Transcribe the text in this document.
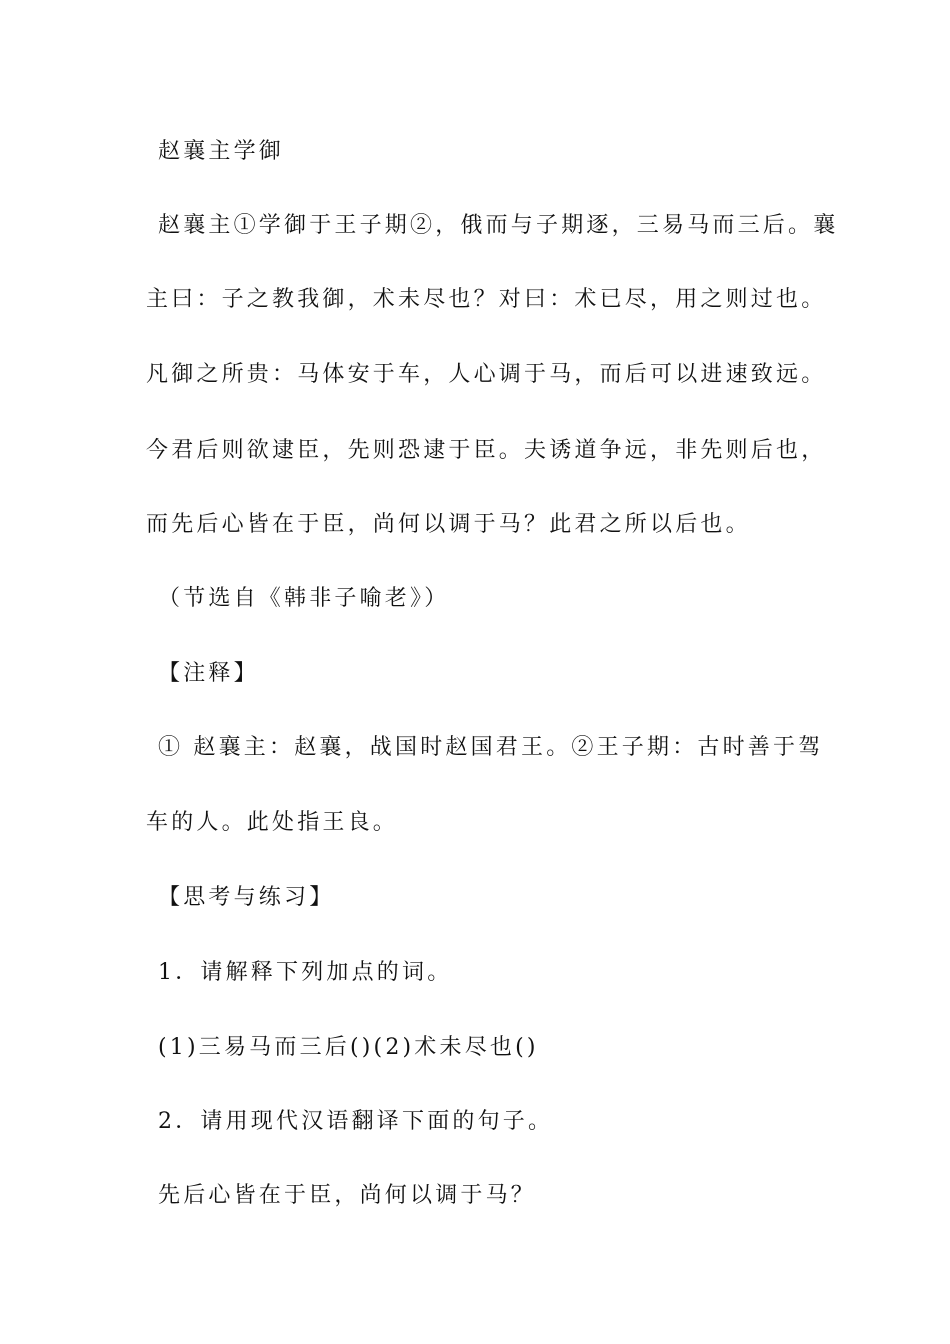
赵襄主学御

赵襄主①学御于王子期②，俄而与子期逐，三易马而三后。襄

主曰：子之教我御，术未尽也？对曰：术已尽，用之则过也。

凡御之所贵：马体安于车，人心调于马，而后可以进速致远。

今君后则欲逮臣，先则恐逮于臣。夫诱道争远，非先则后也，

而先后心皆在于臣，尚何以调于马？此君之所以后也。

（节选自《韩非子喻老》）

【注释】

① 赵襄主：赵襄，战国时赵国君王。②王子期：古时善于驾

车的人。此处指王良。

【思考与练习】

1．请解释下列加点的词。

(1)三易马而三后()(2)术未尽也()

2．请用现代汉语翻译下面的句子。

先后心皆在于臣，尚何以调于马？
